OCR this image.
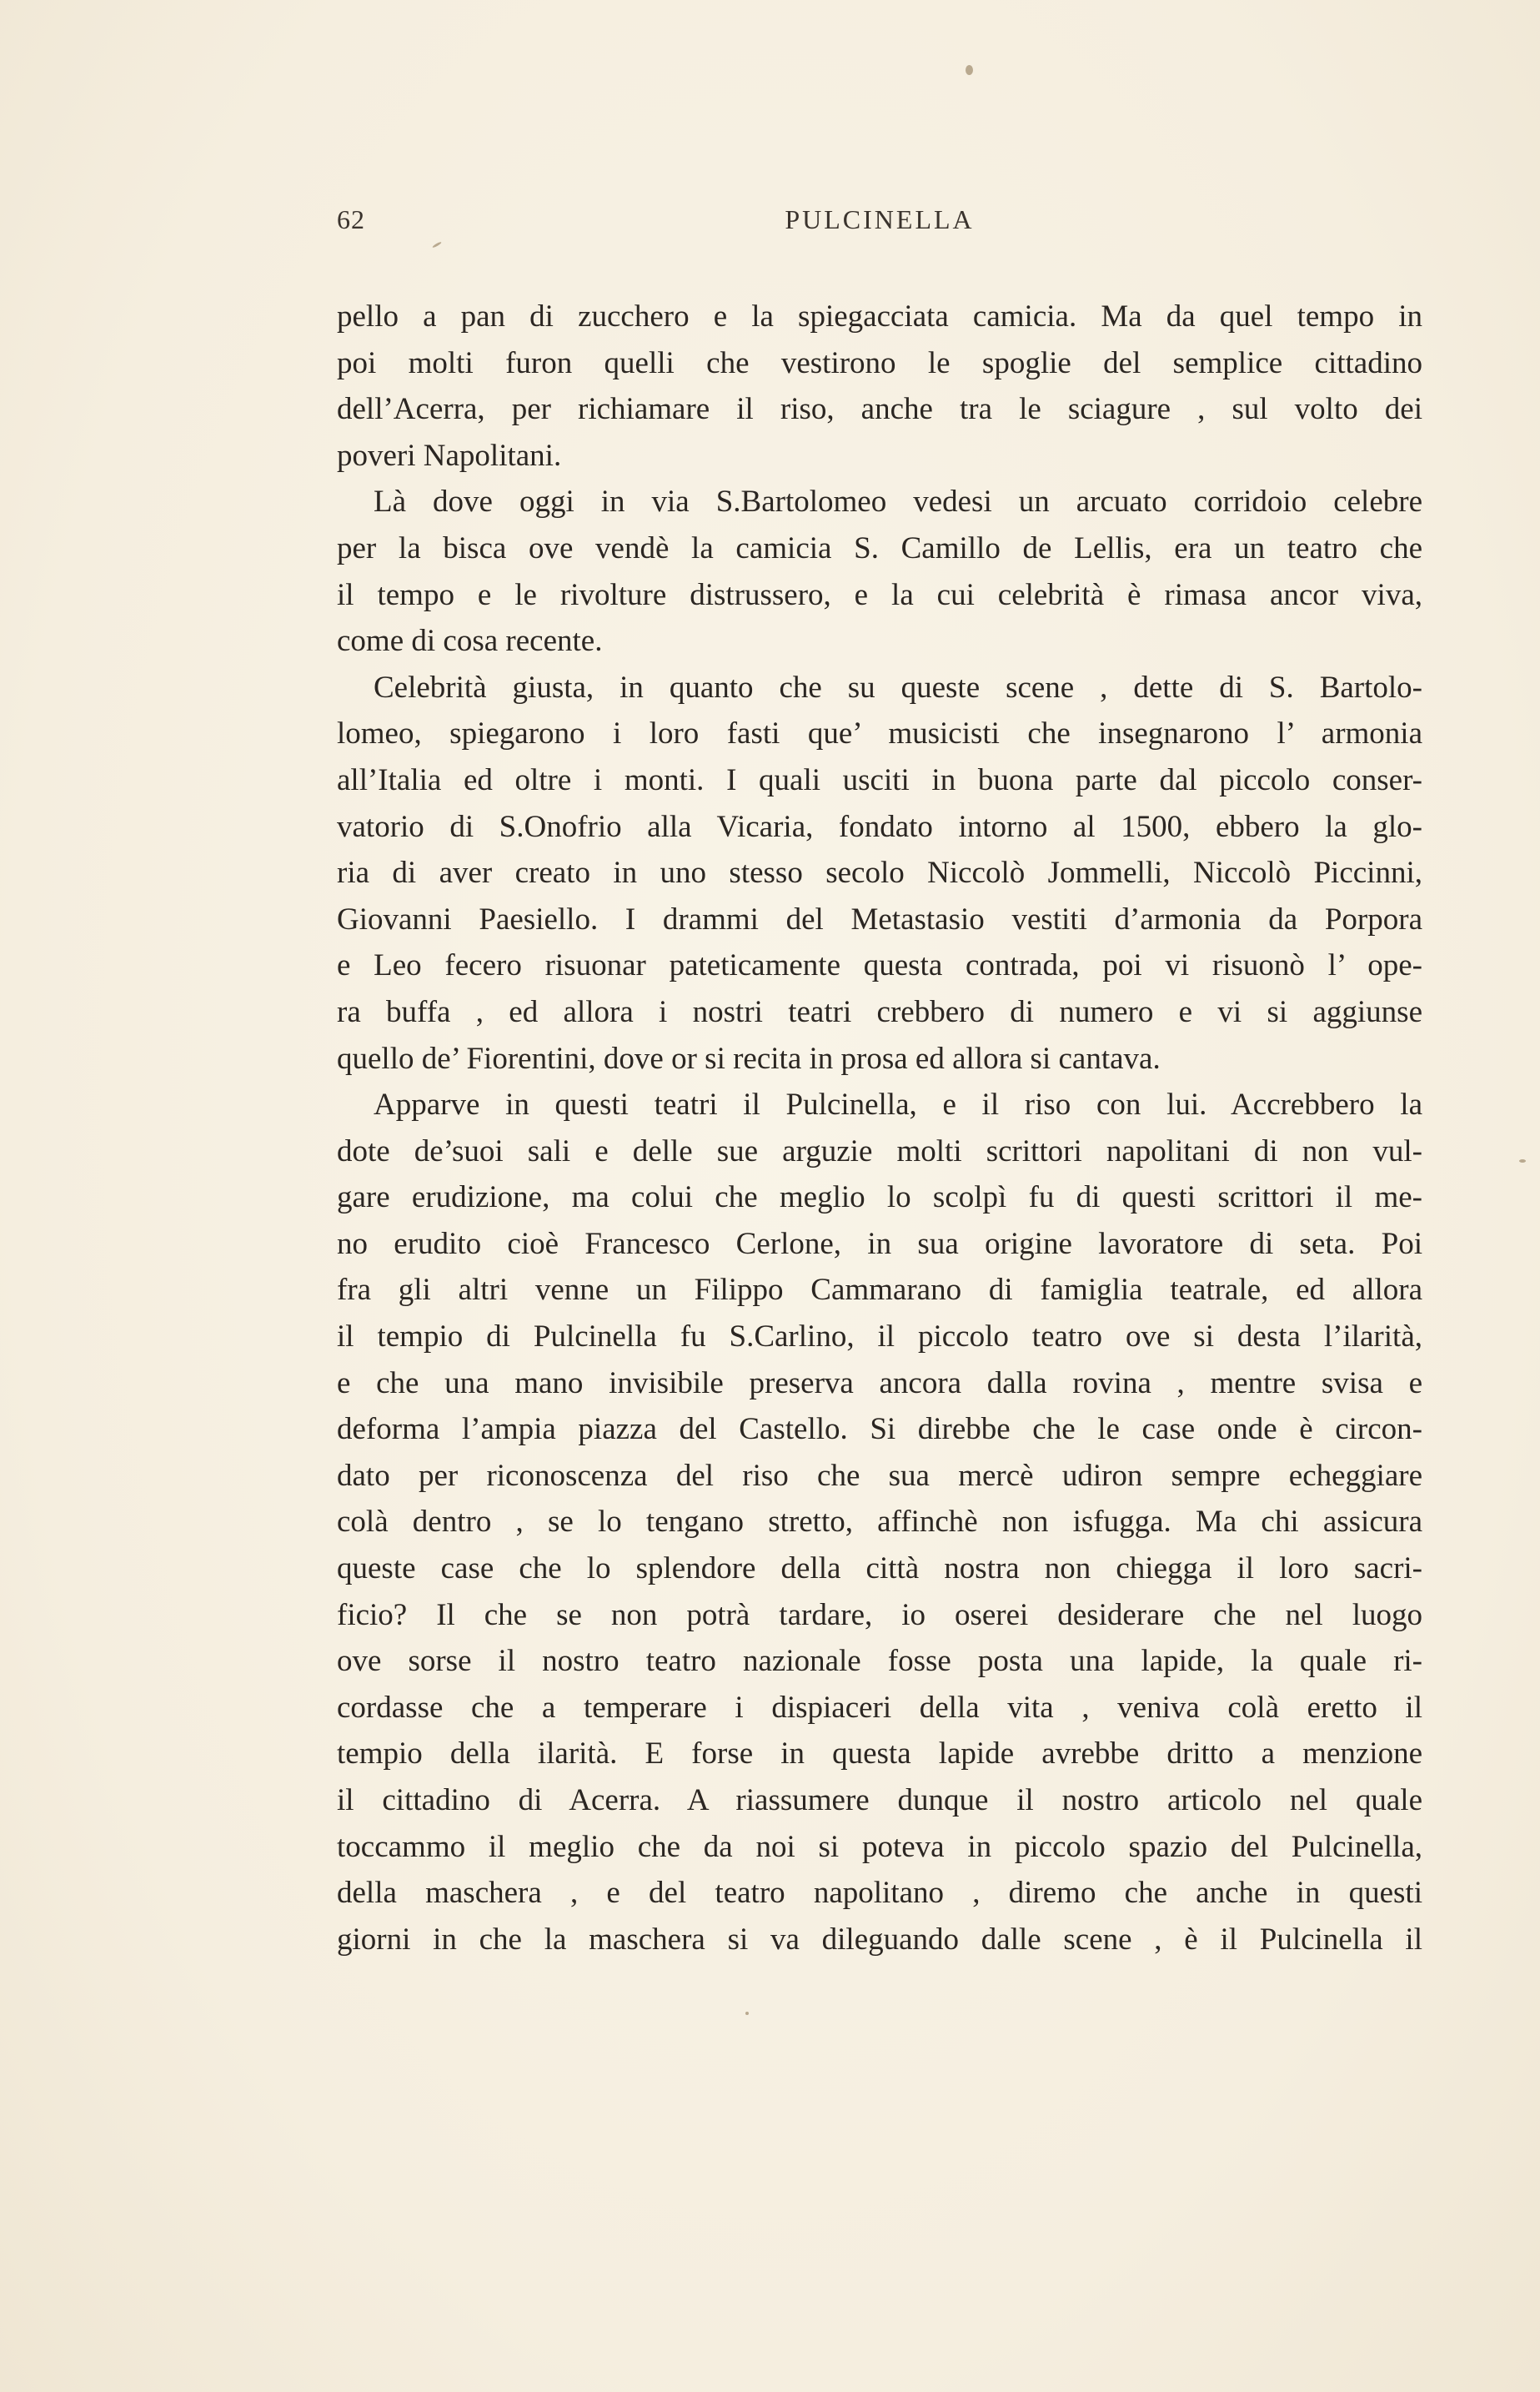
62	PULCINELLA
pello a pan di zucchero e la spiegacciata camicia. Ma da quel tempo in
poi molti furon quelli che vestirono le spoglie del semplice cittadino
dell’Acerra, per richiamare il riso, anche tra le sciagure , sul volto dei
poveri Napolitani.
Là dove oggi in via S.Bartolomeo vedesi un arcuato corridoio celebre
per la bisca ove vendè la camicia S. Camillo de Lellis, era un teatro che
il tempo e le rivolture distrussero, e la cui celebrità è rimasa ancor viva,
come di cosa recente.
Celebrità giusta, in quanto che su queste scene , dette di S. Bartolo-
lomeo, spiegarono i loro fasti que’ musicisti che insegnarono l’ armonia
all’Italia ed oltre i monti. I quali usciti in buona parte dal piccolo conser-
vatorio di S.Onofrio alla Vicaria, fondato intorno al 1500, ebbero la glo-
ria di aver creato in uno stesso secolo Niccolò Jommelli, Niccolò Piccinni,
Giovanni Paesiello. I drammi del Metastasio vestiti d’armonia da Porpora
e Leo fecero risuonar pateticamente questa contrada, poi vi risuonò l’ ope-
ra buffa , ed allora i nostri teatri crebbero di numero e vi si aggiunse
quello de’ Fiorentini, dove or si recita in prosa ed allora si cantava.
Apparve in questi teatri il Pulcinella, e il riso con lui. Accrebbero la
dote de’suoi sali e delle sue arguzie molti scrittori napolitani di non vul-
gare erudizione, ma colui che meglio lo scolpì fu di questi scrittori il me-
no erudito cioè Francesco Cerlone, in sua origine lavoratore di seta. Poi
fra gli altri venne un Filippo Cammarano di famiglia teatrale, ed allora
il tempio di Pulcinella fu S.Carlino, il piccolo teatro ove si desta l’ilarità,
e che una mano invisibile preserva ancora dalla rovina , mentre svisa e
deforma l’ampia piazza del Castello. Si direbbe che le case onde è circon-
dato per riconoscenza del riso che sua mercè udiron sempre echeggiare
colà dentro , se lo tengano stretto, affinchè non isfugga. Ma chi assicura
queste case che lo splendore della città nostra non chiegga il loro sacri-
ficio? Il che se non potrà tardare, io oserei desiderare che nel luogo
ove sorse il nostro teatro nazionale fosse posta una lapide, la quale ri-
cordasse che a temperare i dispiaceri della vita , veniva colà eretto il
tempio della ilarità. E forse in questa lapide avrebbe dritto a menzione
il cittadino di Acerra. A riassumere dunque il nostro articolo nel quale
toccammo il meglio che da noi si poteva in piccolo spazio del Pulcinella,
della maschera , e del teatro napolitano , diremo che anche in questi
giorni in che la maschera si va dileguando dalle scene , è il Pulcinella il
